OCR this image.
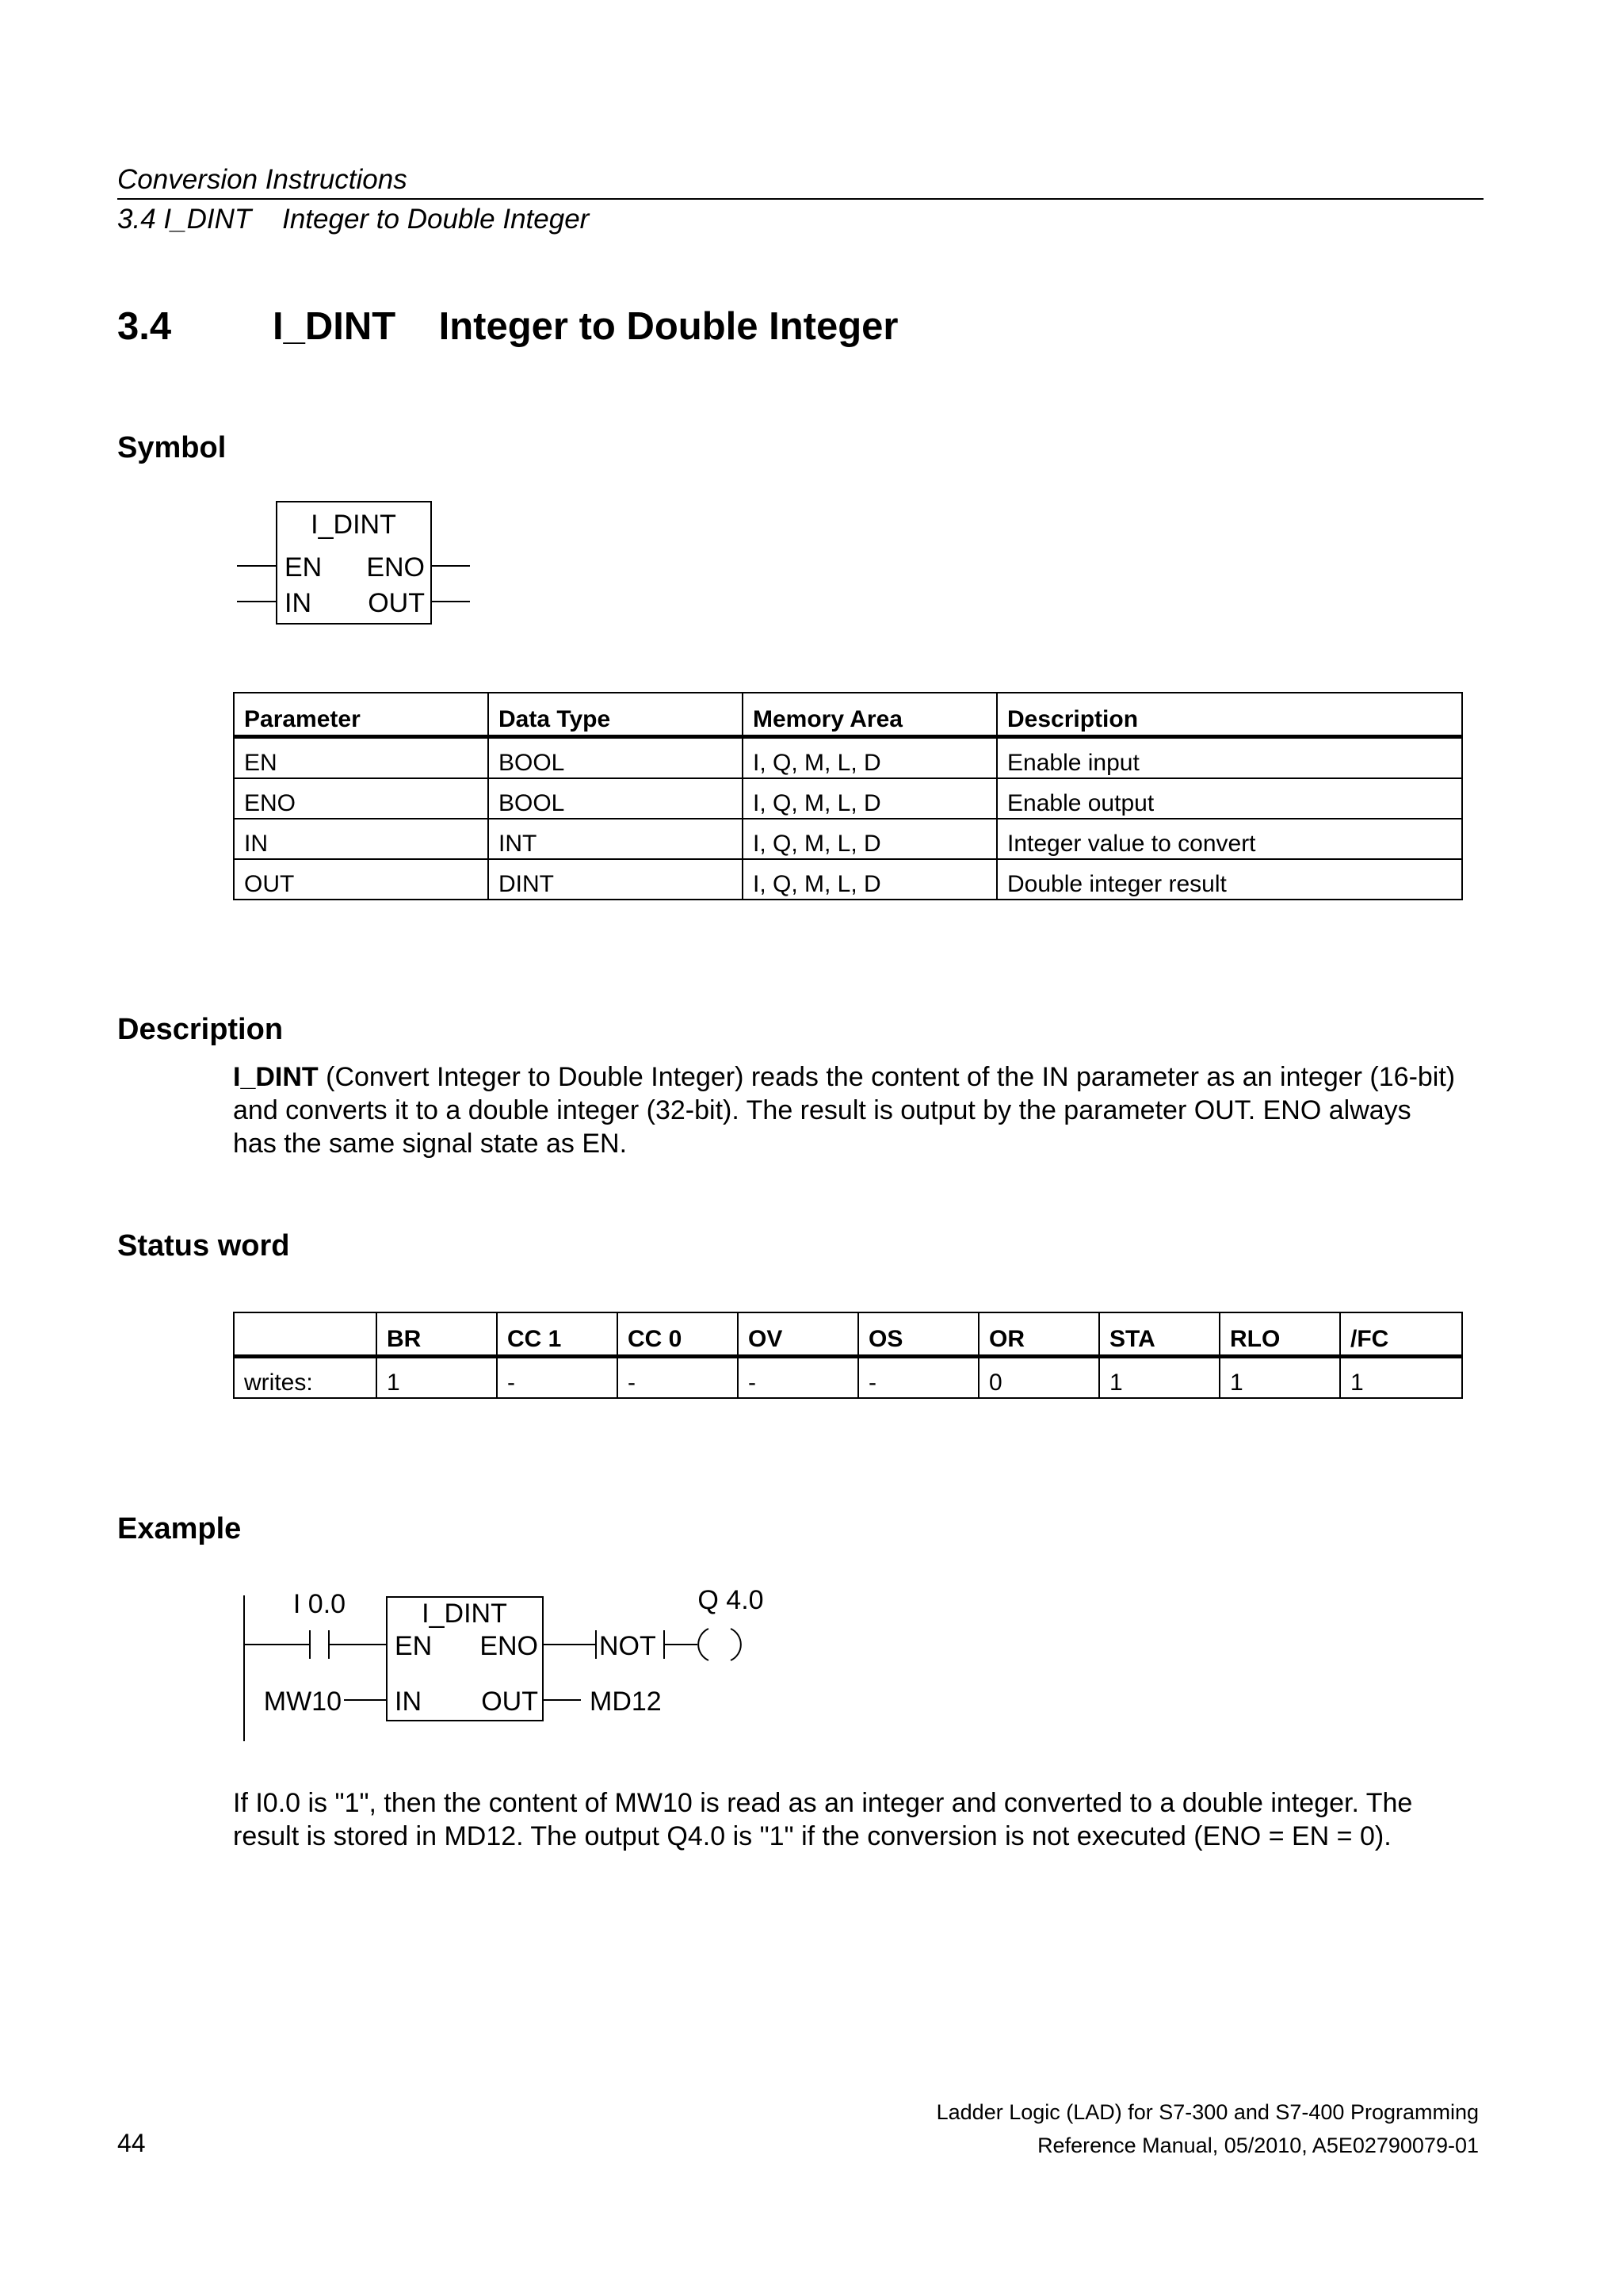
Conversion Instructions
3.4 I_DINT    Integer to Double Integer
3.4	I_DINT    Integer to Double Integer
Symbol
I_DINT
EN ENO
IN OUT
Parameter	Data Type	Memory Area	Description
EN	BOOL	I, Q, M, L, D	Enable input
ENO	BOOL	I, Q, M, L, D	Enable output
IN	INT	I, Q, M, L, D	Integer value to convert
OUT	DINT	I, Q, M, L, D	Double integer result
Description
I_DINT (Convert Integer to Double Integer) reads the content of the IN parameter as an integer (16-bit)
and converts it to a double integer (32-bit). The result is output by the parameter OUT. ENO always
has the same signal state as EN.
Status word
	BR	CC 1	CC 0	OV	OS	OR	STA	RLO	/FC
writes:	1	-	-	-	-	0	1	1	1
Example
I 0.0	I_DINT
EN ENO
IN OUT
MW10	MD12
NOT
Q 4.0
If I0.0 is "1", then the content of MW10 is read as an integer and converted to a double integer. The
result is stored in MD12. The output Q4.0 is "1" if the conversion is not executed (ENO = EN = 0).
Ladder Logic (LAD) for S7-300 and S7-400 Programming
Reference Manual, 05/2010, A5E02790079-01
44
